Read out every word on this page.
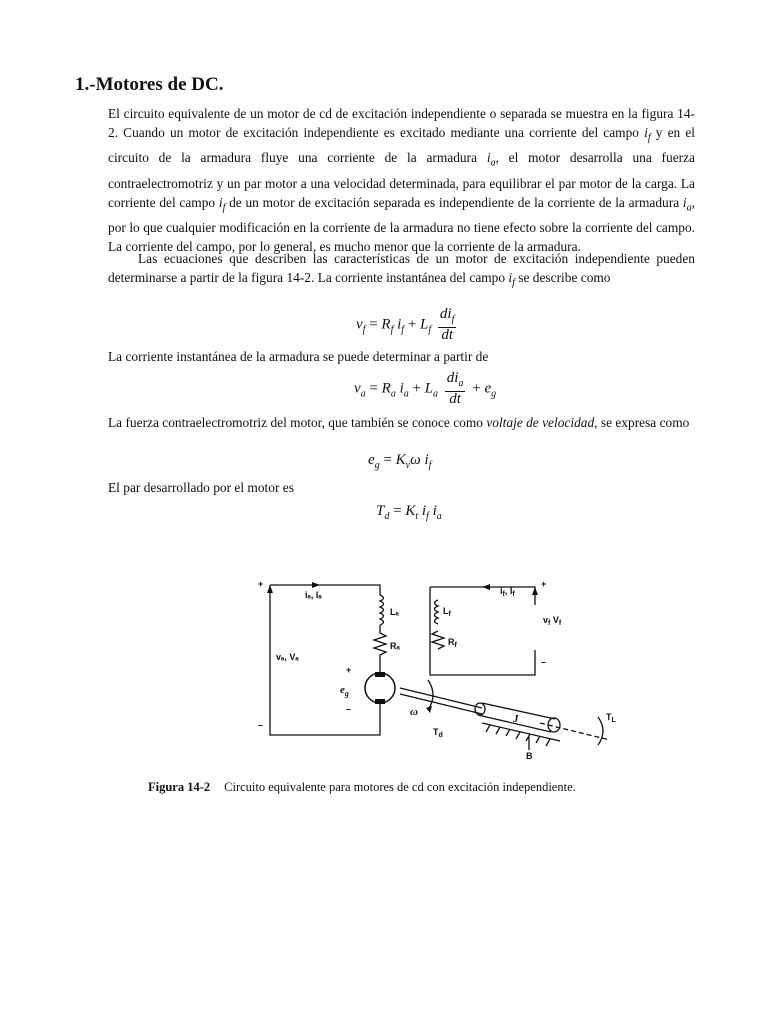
1.-Motores de DC.

El circuito equivalente de un motor de cd de excitación independiente o separada se muestra en la figura 14-2. Cuando un motor de excitación independiente es excitado mediante una corriente del campo $i_f$ y en el circuito de la armadura fluye una corriente de la armadura $i_a$, el motor desarrolla una fuerza contraelectromotriz y un par motor a una velocidad determinada, para equilibrar el par motor de la carga. La corriente del campo $i_f$ de un motor de excitación separada es independiente de la corriente de la armadura $i_a$, por lo que cualquier modificación en la corriente de la armadura no tiene efecto sobre la corriente del campo. La corriente del campo, por lo general, es mucho menor que la corriente de la armadura.

Las ecuaciones que describen las características de un motor de excitación independiente pueden determinarse a partir de la figura 14-2. La corriente instantánea del campo $i_f$ se describe como

$v_f = R_f$ $i_f + L_f \frac{di_f}{dt}$

La corriente instantánea de la armadura se puede determinar a partir de

$v_a = R_a$ $i_a + L_a \frac{di_a}{dt} + e_g$

La fuerza contraelectromotriz del motor, que también se conoce como voltaje de velocidad, se expresa como

$e_g = K_v\omega$ $i_f$

El par desarrollado por el motor es

$T_d = K_t$ $i_f$ $i_a$
+
–
iₐ, Iₐ
Lₐ
Rₐ
vₐ, Vₐ
+
$e_g$
–	ω
$T_d$
J
B
$T_L$
$L_f$
$R_f$
$i_f$, $I_f$
+
$v_f$ $V_f$
–

Figura 14-2 Circuito equivalente para motores de cd con excitación independiente.
